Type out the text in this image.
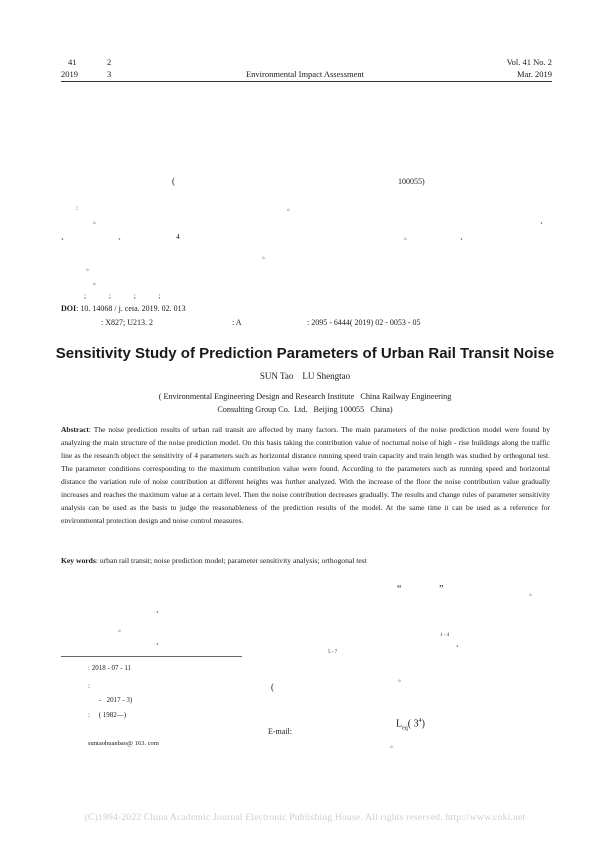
41	2
2019	3	Environmental Impact Assessment
Vol. 41 No. 2
Mar. 2019
(	100055)
:	。
。	、
、	、	4	。	、
。
。
。
;            ;            ;            ;
DOI: 10. 14068 / j. ceia. 2019. 02. 013
: X827; U213. 2	: A	: 2095 - 6444( 2019) 02 - 0053 - 05
Sensitivity Study of Prediction Parameters of Urban Rail Transit Noise
SUN Tao    LU Shengtao
( Environmental Engineering Design and Research Institute   China Railway Engineering
Consulting Group Co.  Ltd.   Beijing 100055   China)
Abstract: The noise prediction results of urban rail transit are affected by many factors. The main parameters of the noise prediction model were found by analyzing the main structure of the noise prediction model. On this basis taking the contribution value of nocturnal noise of high - rise buildings along the traffic line as the research object the sensitivity of 4 parameters such as horizontal distance running speed train capacity and train length was studied by orthogonal test. The parameter conditions corresponding to the maximum contribution value were found. According to the parameters such as running speed and horizontal distance the variation rule of noise contribution at different heights was further analyzed. With the increase of the floor the noise contribution value gradually increases and reaches the maximum value at a certain level. Then the noise contribution decreases gradually. The results and change rules of parameter sensitivity analysis can be used as the basis to judge the reasonableness of the prediction results of the model. At the same time it can be used as a reference for environmental protection design and noise control measures.
Key words: urban rail transit; noise prediction model; parameter sensitivity analysis; orthogonal test
“               ”	。
、
。
、
1 - 4
、
5 - 7
。
(
E-mail:
$L_{eq}$( $3^4$)
。
: 2018 - 07 - 11
:
-   2017 - 3)
:     ( 1982—)
suntaohuanbao@ 163. com
(C)1994-2022 China Academic Journal Electronic Publishing House. All rights reserved. http://www.cnki.net
